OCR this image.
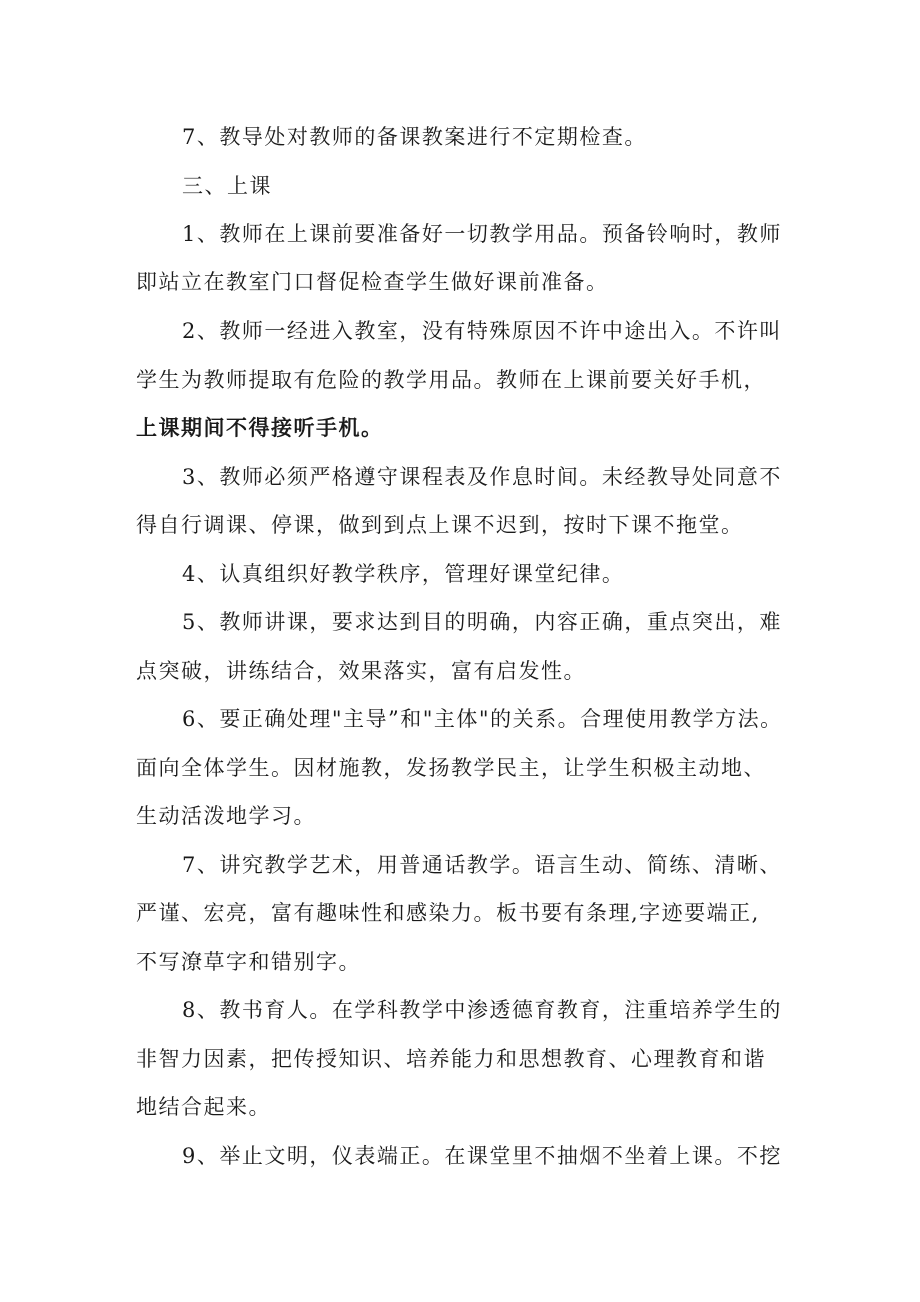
7、教导处对教师的备课教案进行不定期检查。

三、上课

1、教师在上课前要准备好一切教学用品。预备铃响时，教师

即站立在教室门口督促检查学生做好课前准备。

2、教师一经进入教室，没有特殊原因不许中途出入。不许叫

学生为教师提取有危险的教学用品。教师在上课前要关好手机，

上课期间不得接听手机。

3、教师必须严格遵守课程表及作息时间。未经教导处同意不

得自行调课、停课，做到到点上课不迟到，按时下课不拖堂。

4、认真组织好教学秩序，管理好课堂纪律。

5、教师讲课，要求达到目的明确，内容正确，重点突出，难

点突破，讲练结合，效果落实，富有启发性。

6、要正确处理"主导”和"主体"的关系。合理使用教学方法。

面向全体学生。因材施教，发扬教学民主，让学生积极主动地、

生动活泼地学习。

7、讲究教学艺术，用普通话教学。语言生动、简练、清晰、

严谨、宏亮，富有趣味性和感染力。板书要有条理,字迹要端正,

不写潦草字和错别字。

8、教书育人。在学科教学中渗透德育教育，注重培养学生的

非智力因素，把传授知识、培养能力和思想教育、心理教育和谐

地结合起来。

9、举止文明，仪表端正。在课堂里不抽烟不坐着上课。不挖
